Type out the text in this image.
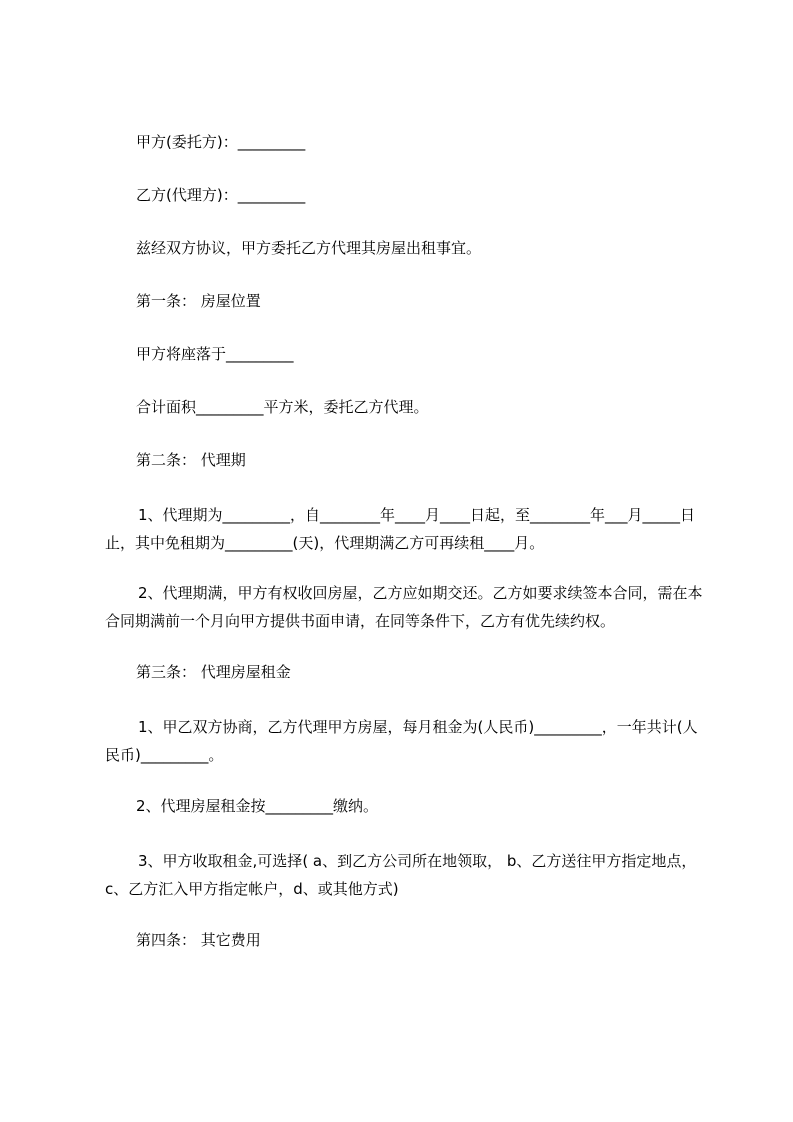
甲方(委托方)：_________

乙方(代理方)：_________

兹经双方协议，甲方委托乙方代理其房屋出租事宜。

第一条： 房屋位置

甲方将座落于_________

合计面积_________平方米，委托乙方代理。

第二条： 代理期

1、代理期为_________，自________年____月____日起，至________年___月_____日止，其中免租期为_________(天)，代理期满乙方可再续租____月。

2、代理期满，甲方有权收回房屋，乙方应如期交还。乙方如要求续签本合同，需在本合同期满前一个月向甲方提供书面申请，在同等条件下，乙方有优先续约权。

第三条： 代理房屋租金

1、甲乙双方协商，乙方代理甲方房屋，每月租金为(人民币)_________，一年共计(人民币)_________。

2、代理房屋租金按_________缴纳。

3、甲方收取租金,可选择( a、到乙方公司所在地领取， b、乙方送往甲方指定地点，c、乙方汇入甲方指定帐户，d、或其他方式)

第四条： 其它费用
